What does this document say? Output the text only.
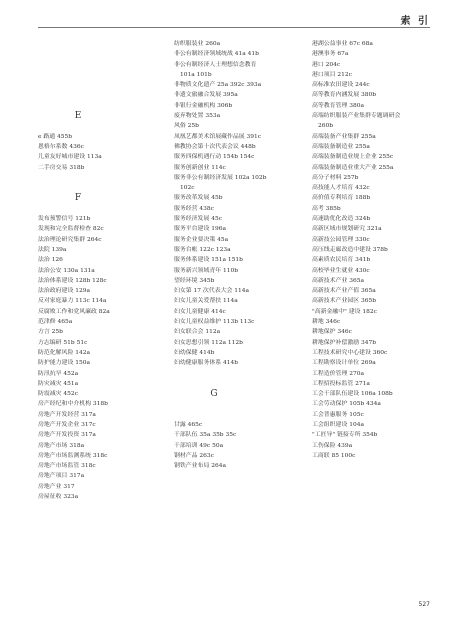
索 引
E
e 路通 455b
恩格尔系数 436c
儿童友好城市建设 113a
二手房交易 318b
F
发布预警信号 121b
发现和完全监督检查 82c
法治理论研究集群 264c
法院 139a
法治 126
法治公安 130a 131a
法治体系建设 128b 128c
法治政府建设 129a
反对家庭暴力 113c 114a
反腐败工作和党风廉政 82a
范津修 465a
方言 25b
方志编研 51b 51c
防范化解风险 142a
防护能力建设 150a
防汛抗旱 452a
防灾减灾 451a
防震减灾 452c
房产经纪和中介机构 318b
房地产开发经营 317a
房地产开发企业 317c
房地产开发投资 317a
房地产市场 318a
房地产市场监测系统 318c
房地产市场监管 318c
房地产项目 317a
房地产业 317
房屋征收 323a
纺织服装业 260a
非公有制经济领域统战 41a 41b
非公有制经济人士理想信念教育
101a 101b
非物质文化遗产 25a 392c 393a
非遗文旅融合发展 395a
非银行金融机构 306b
废弃物处置 353a
风俗 25b
凤凰艺都美术馆展藏作品展 391c
佛教协会第十次代表会议 448b
服务四保机遇行动 154b 154c
服务创新创业 114c
服务非公有制经济发展 102a 102b
102c
服务改革发展 45b
服务经营 438c
服务经济发展 45c
服务平台建设 196a
服务企业要决策 45a
服务台帐 122c 123a
服务体系建设 151a 151b
服务新兴领域青年 110b
望经环境 345b
妇女第 17 次代表大会 114a
妇女儿童关爱帮扶 114a
妇女儿童健康 414c
妇女儿童权益维护 113b 113c
妇女联合会 112a
妇女思想引领 112a 112b
妇幼保健 414b
妇幼健康服务体系 414b
G
甘露 465c
干部队伍 35a 35b 35c
干部培训 49c 50a
钢材产品 263c
钢铁产业布局 264a
港湖公益事业 67c 68a
港澳事务 67a
港口 204c
港口项目 212c
高标准农田建设 244c
高等教育内涵发展 380b
高等教育管理 380a
高端纺织服装产业集群专题调研会
260b
高端装备产业集群 255a
高端装备制造业 255a
高端装备制造业规上企业 255c
高端装备制造业重大产业 255a
高分子材料 257b
高技能人才培育 432c
高价值专利培育 188b
高考 385b
高速助优化改造 324b
高新区域市规划研究 321a
高新技公园管理 330c
高压线走廊改造中建设 378b
高素质农民培育 341b
高校毕业生就业 430c
高新技术产业 365a
高新技术产业产值 365a
高新技术产业园区 365b
"高新金融中" 建设 182c
耕地 346c
耕地保护 346c
耕地保护补偿激励 347b
工程技术研究中心建设 360c
工程勘察设计单位 269a
工程造价管理 270a
工程招投标监管 271a
工会干部队伍建设 106a 108b
工会劳动保护 105b 434a
工会普惠服务 105c
工会组织建设 104a
"工匠导" 链接专所 354b
工伤保险 439a
工商联 85 100c
527
